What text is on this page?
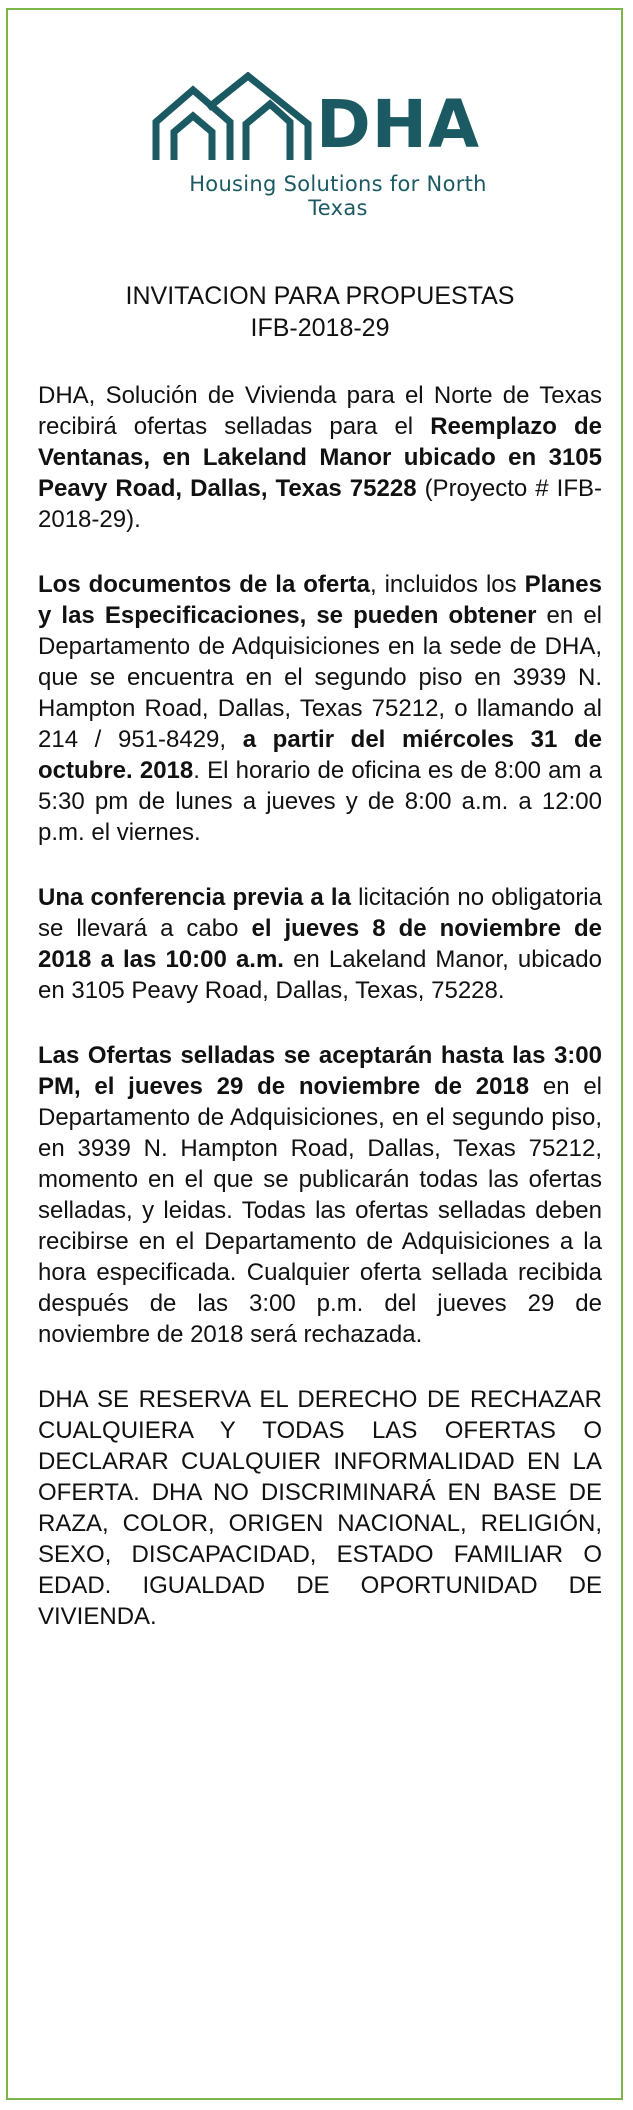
DHA
Housing Solutions for North Texas
INVITACION PARA PROPUESTAS
IFB-2018-29

DHA, Solución de Vivienda para el Norte de Texas recibirá ofertas selladas para el Reemplazo de Ventanas, en Lakeland Manor ubicado en 3105 Peavy Road, Dallas, Texas 75228 (Proyecto # IFB-2018-29).

Los documentos de la oferta, incluidos los Planes y las Especificaciones, se pueden obtener en el Departamento de Adquisiciones en la sede de DHA, que se encuentra en el segundo piso en 3939 N. Hampton Road, Dallas, Texas 75212, o llamando al 214 / 951-8429, a partir del miércoles 31 de octubre. 2018. El horario de oficina es de 8:00 am a 5:30 pm de lunes a jueves y de 8:00 a.m. a 12:00 p.m. el viernes.

Una conferencia previa a la licitación no obligatoria se llevará a cabo el jueves 8 de noviembre de 2018 a las 10:00 a.m. en Lakeland Manor, ubicado en 3105 Peavy Road, Dallas, Texas, 75228.

Las Ofertas selladas se aceptarán hasta las 3:00 PM, el jueves 29 de noviembre de 2018 en el Departamento de Adquisiciones, en el segundo piso, en 3939 N. Hampton Road, Dallas, Texas 75212, momento en el que se publicarán todas las ofertas selladas, y leidas. Todas las ofertas selladas deben recibirse en el Departamento de Adquisiciones a la hora especificada. Cualquier oferta sellada recibida después de las 3:00 p.m. del jueves 29 de noviembre de 2018 será rechazada.

DHA SE RESERVA EL DERECHO DE RECHAZAR CUALQUIERA Y TODAS LAS OFERTAS O DECLARAR CUALQUIER INFORMALIDAD EN LA OFERTA. DHA NO DISCRIMINARÁ EN BASE DE RAZA, COLOR, ORIGEN NACIONAL, RELIGIÓN, SEXO, DISCAPACIDAD, ESTADO FAMILIAR O EDAD. IGUALDAD DE OPORTUNIDAD DE VIVIENDA.
